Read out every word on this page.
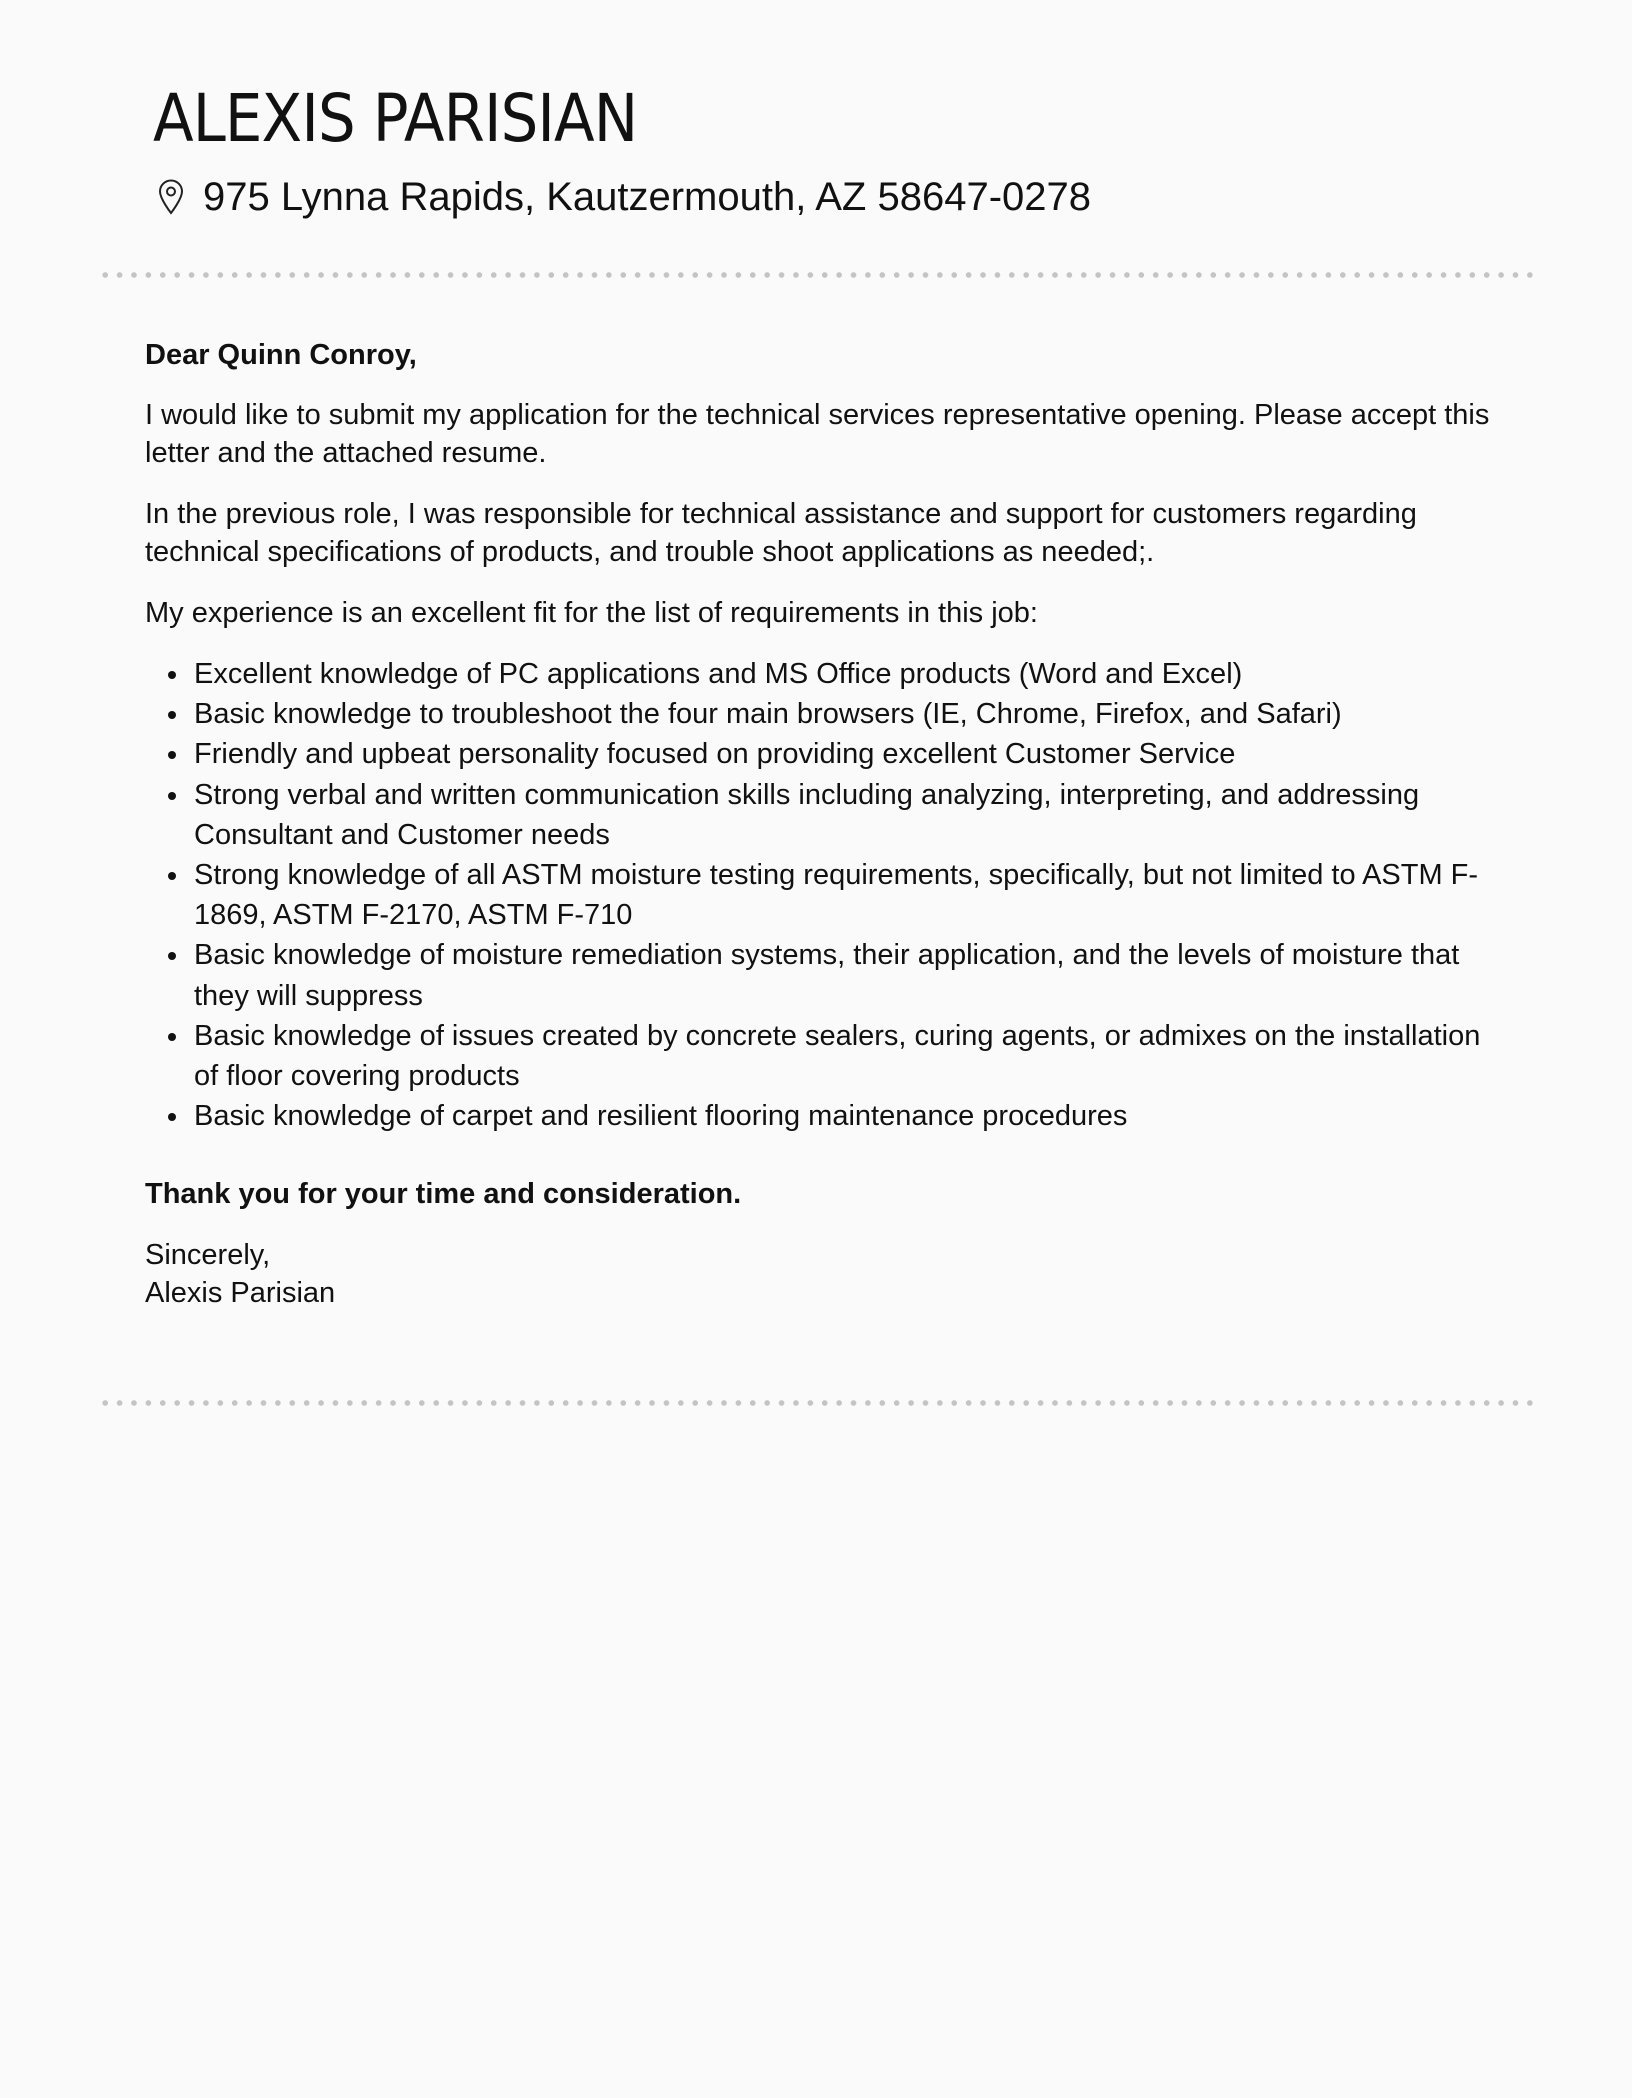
ALEXIS PARISIAN
975 Lynna Rapids, Kautzermouth, AZ 58647-0278

Dear Quinn Conroy,

I would like to submit my application for the technical services representative opening. Please accept this letter and the attached resume.

In the previous role, I was responsible for technical assistance and support for customers regarding technical specifications of products, and trouble shoot applications as needed;.

My experience is an excellent fit for the list of requirements in this job:

Excellent knowledge of PC applications and MS Office products (Word and Excel)
Basic knowledge to troubleshoot the four main browsers (IE, Chrome, Firefox, and Safari)
Friendly and upbeat personality focused on providing excellent Customer Service
Strong verbal and written communication skills including analyzing, interpreting, and addressing Consultant and Customer needs
Strong knowledge of all ASTM moisture testing requirements, specifically, but not limited to ASTM F-1869, ASTM F-2170, ASTM F-710
Basic knowledge of moisture remediation systems, their application, and the levels of moisture that they will suppress
Basic knowledge of issues created by concrete sealers, curing agents, or admixes on the installation of floor covering products
Basic knowledge of carpet and resilient flooring maintenance procedures

Thank you for your time and consideration.

Sincerely,

Alexis Parisian
